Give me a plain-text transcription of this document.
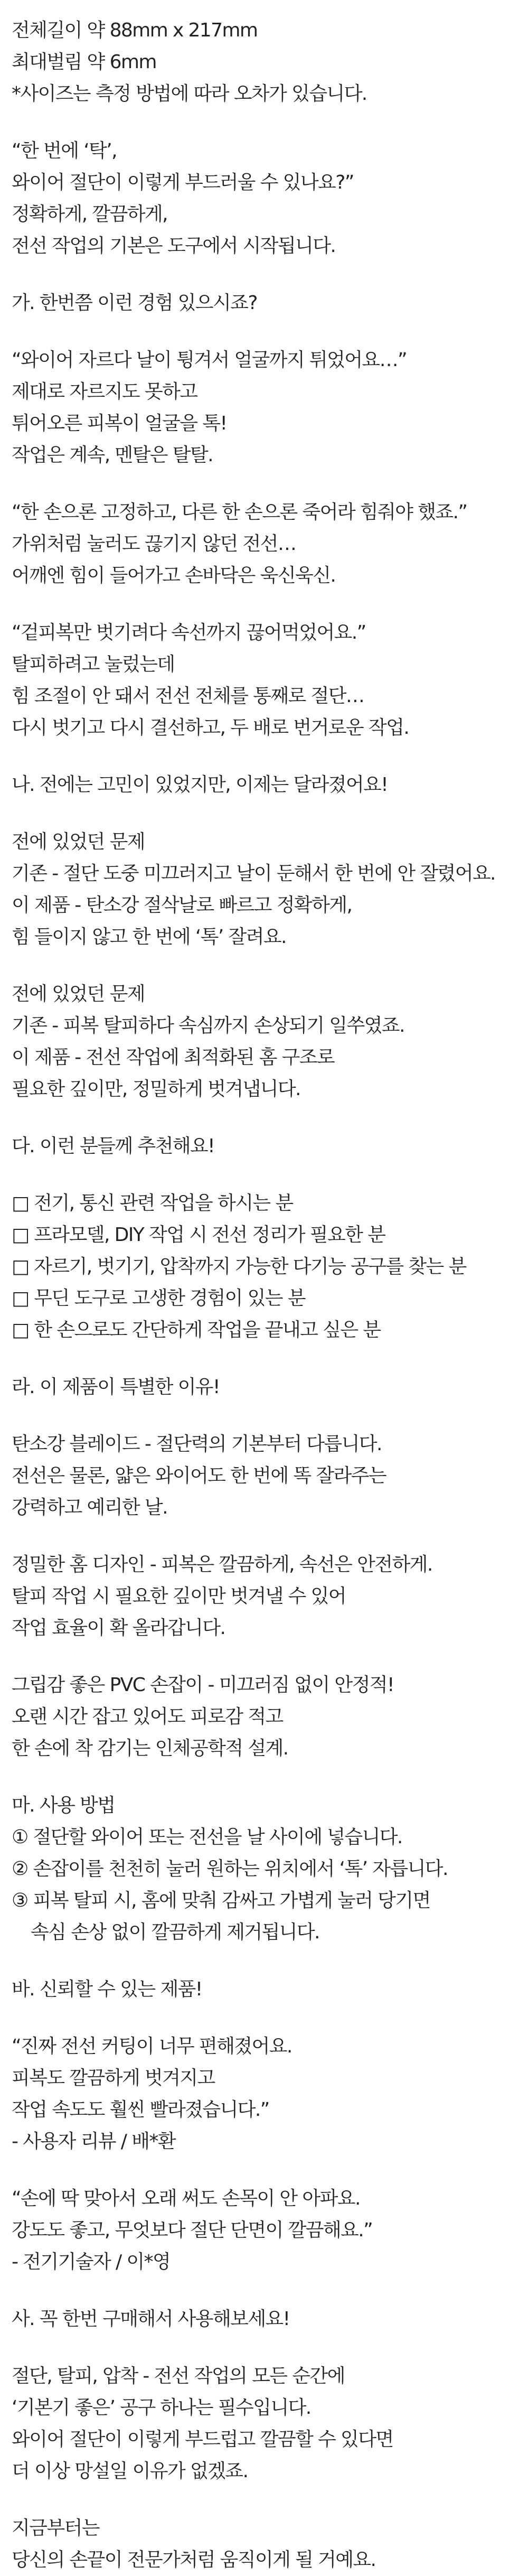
전체길이 약 88mm x 217mm
최대벌림 약 6mm
*사이즈는 측정 방법에 따라 오차가 있습니다.
“한 번에 ‘탁’,
와이어 절단이 이렇게 부드러울 수 있나요?”
정확하게, 깔끔하게,
전선 작업의 기본은 도구에서 시작됩니다.
가. 한번쯤 이런 경험 있으시죠?
“와이어 자르다 날이 튕겨서 얼굴까지 튀었어요…”
제대로 자르지도 못하고
튀어오른 피복이 얼굴을 톡!
작업은 계속, 멘탈은 탈탈.
“한 손으론 고정하고, 다른 한 손으론 죽어라 힘줘야 했죠.”
가위처럼 눌러도 끊기지 않던 전선…
어깨엔 힘이 들어가고 손바닥은 욱신욱신.
“겉피복만 벗기려다 속선까지 끊어먹었어요.”
탈피하려고 눌렀는데
힘 조절이 안 돼서 전선 전체를 통째로 절단…
다시 벗기고 다시 결선하고, 두 배로 번거로운 작업.
나. 전에는 고민이 있었지만, 이제는 달라졌어요!
전에 있었던 문제
기존 - 절단 도중 미끄러지고 날이 둔해서 한 번에 안 잘렸어요.
이 제품 - 탄소강 절삭날로 빠르고 정확하게,
힘 들이지 않고 한 번에 ‘톡’ 잘려요.
전에 있었던 문제
기존 - 피복 탈피하다 속심까지 손상되기 일쑤였죠.
이 제품 - 전선 작업에 최적화된 홈 구조로
필요한 깊이만, 정밀하게 벗겨냅니다.
다. 이런 분들께 추천해요!
□ 전기, 통신 관련 작업을 하시는 분
□ 프라모델, DIY 작업 시 전선 정리가 필요한 분
□ 자르기, 벗기기, 압착까지 가능한 다기능 공구를 찾는 분
□ 무딘 도구로 고생한 경험이 있는 분
□ 한 손으로도 간단하게 작업을 끝내고 싶은 분
라. 이 제품이 특별한 이유!
탄소강 블레이드 - 절단력의 기본부터 다릅니다.
전선은 물론, 얇은 와이어도 한 번에 똑 잘라주는
강력하고 예리한 날.
정밀한 홈 디자인 - 피복은 깔끔하게, 속선은 안전하게.
탈피 작업 시 필요한 깊이만 벗겨낼 수 있어
작업 효율이 확 올라갑니다.
그립감 좋은 PVC 손잡이 - 미끄러짐 없이 안정적!
오랜 시간 잡고 있어도 피로감 적고
한 손에 착 감기는 인체공학적 설계.
마. 사용 방법
① 절단할 와이어 또는 전선을 날 사이에 넣습니다.
② 손잡이를 천천히 눌러 원하는 위치에서 ‘톡’ 자릅니다.
③ 피복 탈피 시, 홈에 맞춰 감싸고 가볍게 눌러 당기면
속심 손상 없이 깔끔하게 제거됩니다.
바. 신뢰할 수 있는 제품!
“진짜 전선 커팅이 너무 편해졌어요.
피복도 깔끔하게 벗겨지고
작업 속도도 훨씬 빨라졌습니다.”
- 사용자 리뷰 / 배*환
“손에 딱 맞아서 오래 써도 손목이 안 아파요.
강도도 좋고, 무엇보다 절단 단면이 깔끔해요.”
- 전기기술자 / 이*영
사. 꼭 한번 구매해서 사용해보세요!
절단, 탈피, 압착 - 전선 작업의 모든 순간에
‘기본기 좋은’ 공구 하나는 필수입니다.
와이어 절단이 이렇게 부드럽고 깔끔할 수 있다면
더 이상 망설일 이유가 없겠죠.
지금부터는
당신의 손끝이 전문가처럼 움직이게 될 거예요.
